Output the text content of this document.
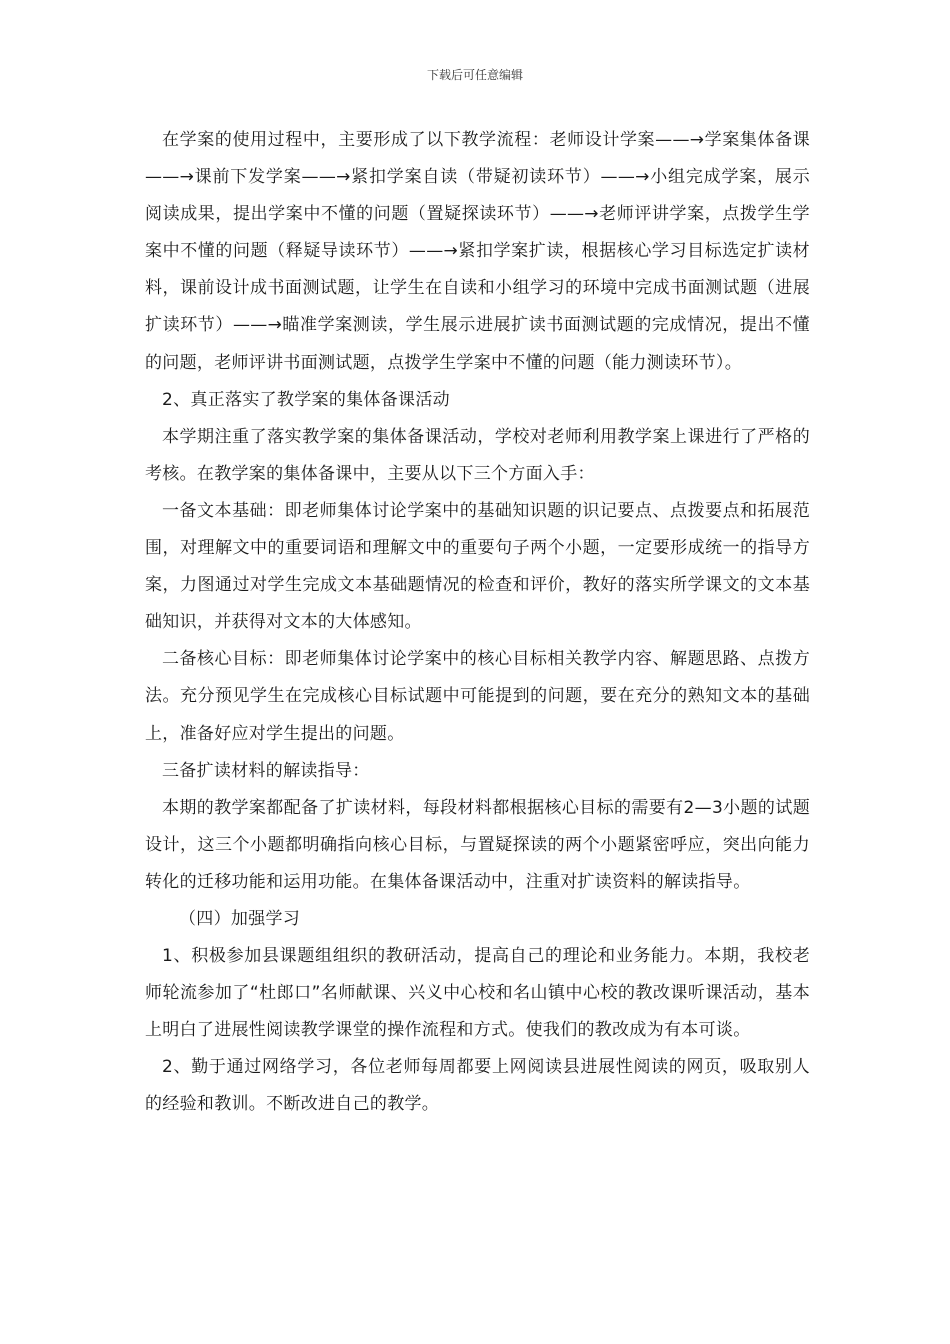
下载后可任意编辑

在学案的使用过程中，主要形成了以下教学流程：老师设计学案——→学案集体备课——→课前下发学案——→紧扣学案自读（带疑初读环节）——→小组完成学案，展示阅读成果，提出学案中不懂的问题（置疑探读环节）——→老师评讲学案，点拨学生学案中不懂的问题（释疑导读环节）——→紧扣学案扩读，根据核心学习目标选定扩读材料，课前设计成书面测试题，让学生在自读和小组学习的环境中完成书面测试题（进展扩读环节）——→瞄准学案测读，学生展示进展扩读书面测试题的完成情况，提出不懂的问题，老师评讲书面测试题，点拨学生学案中不懂的问题（能力测读环节）。

2、真正落实了教学案的集体备课活动

本学期注重了落实教学案的集体备课活动，学校对老师利用教学案上课进行了严格的考核。在教学案的集体备课中，主要从以下三个方面入手：

一备文本基础：即老师集体讨论学案中的基础知识题的识记要点、点拨要点和拓展范围，对理解文中的重要词语和理解文中的重要句子两个小题，一定要形成统一的指导方案，力图通过对学生完成文本基础题情况的检查和评价，教好的落实所学课文的文本基础知识，并获得对文本的大体感知。

二备核心目标：即老师集体讨论学案中的核心目标相关教学内容、解题思路、点拨方法。充分预见学生在完成核心目标试题中可能提到的问题，要在充分的熟知文本的基础上，准备好应对学生提出的问题。

三备扩读材料的解读指导：

本期的教学案都配备了扩读材料，每段材料都根据核心目标的需要有2—3小题的试题设计，这三个小题都明确指向核心目标，与置疑探读的两个小题紧密呼应，突出向能力转化的迁移功能和运用功能。在集体备课活动中，注重对扩读资料的解读指导。

（四）加强学习

1、积极参加县课题组组织的教研活动，提高自己的理论和业务能力。本期，我校老师轮流参加了“杜郎口”名师献课、兴义中心校和名山镇中心校的教改课听课活动，基本上明白了进展性阅读教学课堂的操作流程和方式。使我们的教改成为有本可谈。

2、勤于通过网络学习，各位老师每周都要上网阅读县进展性阅读的网页，吸取别人的经验和教训。不断改进自己的教学。
